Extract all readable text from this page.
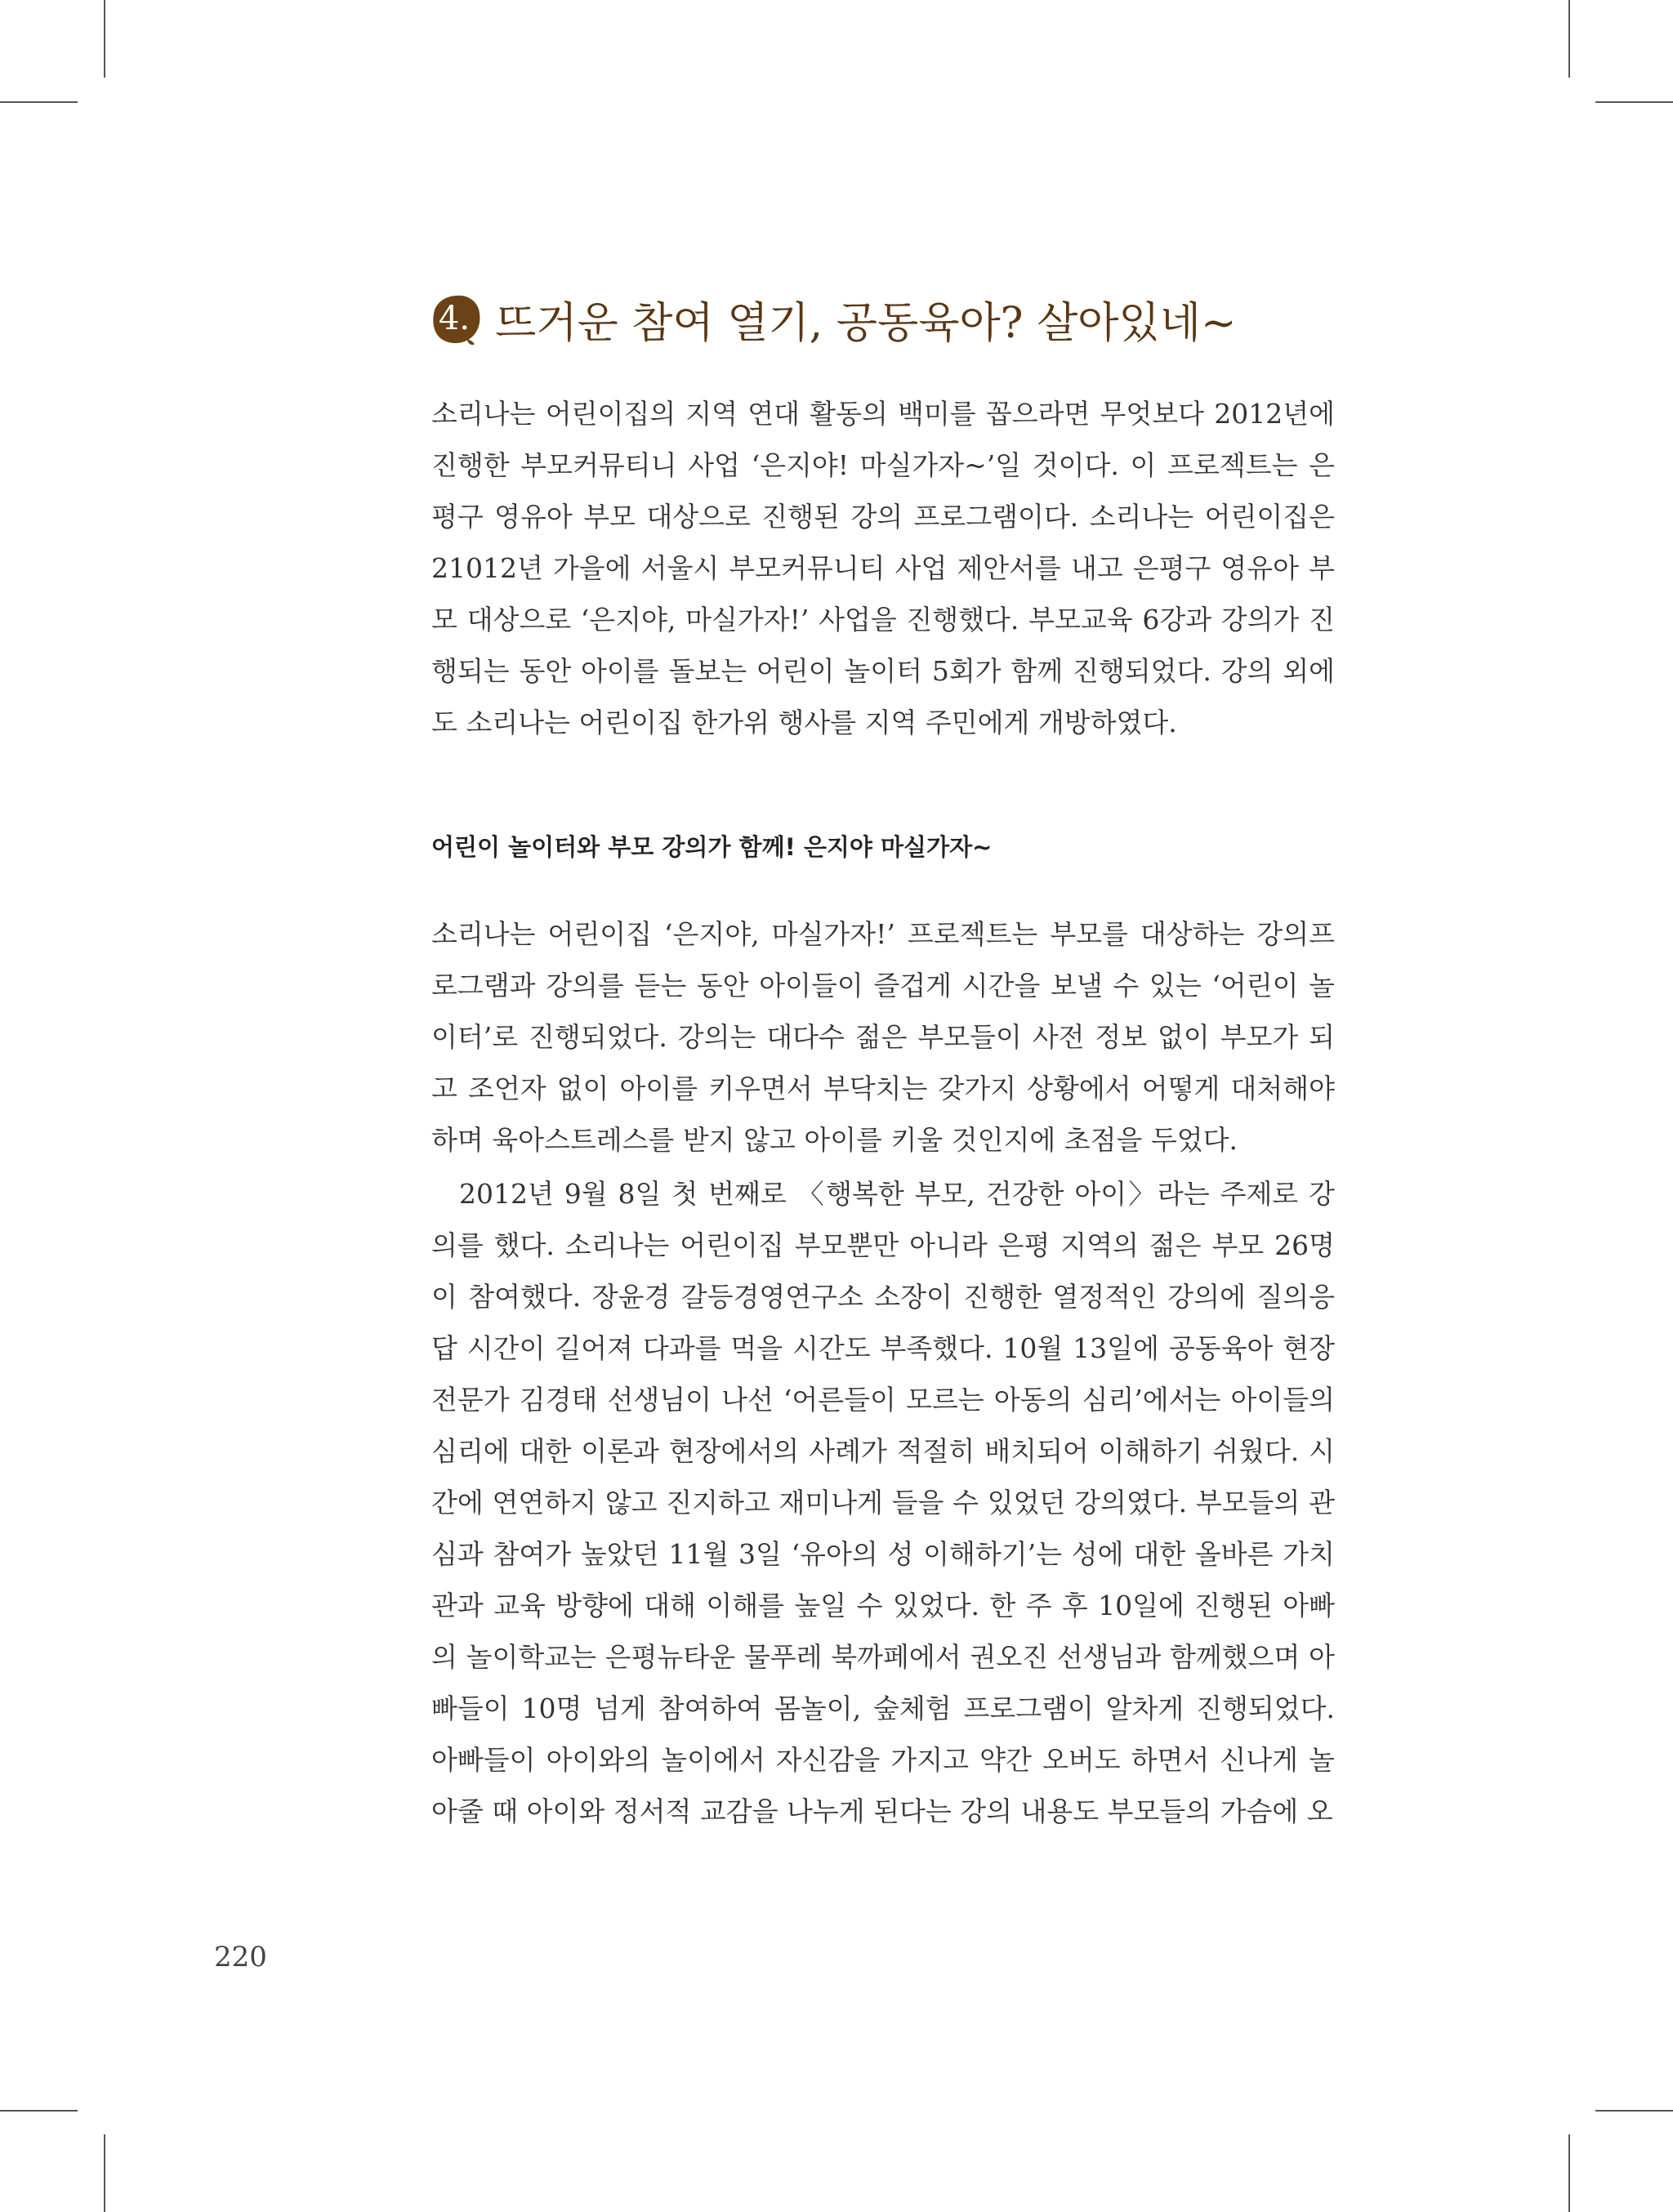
4. 뜨거운 참여 열기, 공동육아? 살아있네~
소리나는 어린이집의 지역 연대 활동의 백미를 꼽으라면 무엇보다 2012년에 진행한 부모커뮤티니 사업 ‘은지야! 마실가자~’일 것이다. 이 프로젝트는 은평구 영유아 부모 대상으로 진행된 강의 프로그램이다. 소리나는 어린이집은 21012년 가을에 서울시 부모커뮤니티 사업 제안서를 내고 은평구 영유아 부모 대상으로 ‘은지야, 마실가자!’ 사업을 진행했다. 부모교육 6강과 강의가 진행되는 동안 아이를 돌보는 어린이 놀이터 5회가 함께 진행되었다. 강의 외에도 소리나는 어린이집 한가위 행사를 지역 주민에게 개방하였다.
어린이 놀이터와 부모 강의가 함께! 은지야 마실가자~
소리나는 어린이집 ‘은지야, 마실가자!’ 프로젝트는 부모를 대상하는 강의프로그램과 강의를 듣는 동안 아이들이 즐겁게 시간을 보낼 수 있는 ‘어린이 놀이터’로 진행되었다. 강의는 대다수 젊은 부모들이 사전 정보 없이 부모가 되고 조언자 없이 아이를 키우면서 부닥치는 갖가지 상황에서 어떻게 대처해야 하며 육아스트레스를 받지 않고 아이를 키울 것인지에 초점을 두었다.
2012년 9월 8일 첫 번째로 〈행복한 부모, 건강한 아이〉라는 주제로 강의를 했다. 소리나는 어린이집 부모뿐만 아니라 은평 지역의 젊은 부모 26명이 참여했다. 장윤경 갈등경영연구소 소장이 진행한 열정적인 강의에 질의응답 시간이 길어져 다과를 먹을 시간도 부족했다. 10월 13일에 공동육아 현장 전문가 김경태 선생님이 나선 ‘어른들이 모르는 아동의 심리’에서는 아이들의 심리에 대한 이론과 현장에서의 사례가 적절히 배치되어 이해하기 쉬웠다. 시간에 연연하지 않고 진지하고 재미나게 들을 수 있었던 강의였다. 부모들의 관심과 참여가 높았던 11월 3일 ‘유아의 성 이해하기’는 성에 대한 올바른 가치관과 교육 방향에 대해 이해를 높일 수 있었다. 한 주 후 10일에 진행된 아빠의 놀이학교는 은평뉴타운 물푸레 북까페에서 권오진 선생님과 함께했으며 아빠들이 10명 넘게 참여하여 몸놀이, 숲체험 프로그램이 알차게 진행되었다. 아빠들이 아이와의 놀이에서 자신감을 가지고 약간 오버도 하면서 신나게 놀아줄 때 아이와 정서적 교감을 나누게 된다는 강의 내용도 부모들의 가슴에 오
220
